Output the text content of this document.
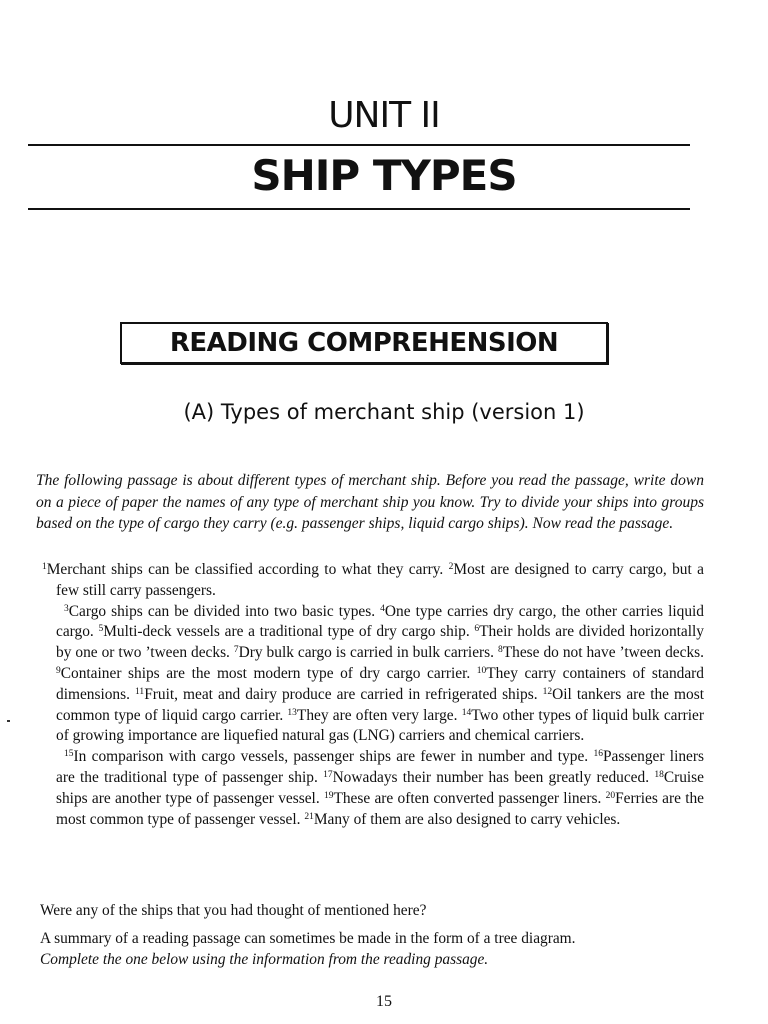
UNIT II
SHIP TYPES
READING COMPREHENSION
(A) Types of merchant ship (version 1)

The following passage is about different types of merchant ship. Before you read the passage, write down on a piece of paper the names of any type of merchant ship you know. Try to divide your ships into groups based on the type of cargo they carry (e.g. passenger ships, liquid cargo ships). Now read the passage.

$^1$Merchant ships can be classified according to what they carry. $^2$Most are designed to carry cargo, but a few still carry passengers.

$^3$Cargo ships can be divided into two basic types. $^4$One type carries dry cargo, the other carries liquid cargo. $^5$Multi-deck vessels are a traditional type of dry cargo ship. $^6$Their holds are divided horizontally by one or two ’tween decks. $^7$Dry bulk cargo is carried in bulk carriers. $^8$These do not have ’tween decks. $^9$Container ships are the most modern type of dry cargo carrier. $^{10}$They carry containers of standard dimensions. $^{11}$Fruit, meat and dairy produce are carried in refrigerated ships. $^{12}$Oil tankers are the most common type of liquid cargo carrier. $^{13}$They are often very large. $^{14}$Two other types of liquid bulk carrier of growing importance are liquefied natural gas (LNG) carriers and chemical carriers.

$^{15}$In comparison with cargo vessels, passenger ships are fewer in number and type. $^{16}$Passenger liners are the traditional type of passenger ship. $^{17}$Nowadays their number has been greatly reduced. $^{18}$Cruise ships are another type of passenger vessel. $^{19}$These are often converted passenger liners. $^{20}$Ferries are the most common type of passenger vessel. $^{21}$Many of them are also designed to carry vehicles.

Were any of the ships that you had thought of mentioned here?

A summary of a reading passage can sometimes be made in the form of a tree diagram.
Complete the one below using the information from the reading passage.

15
